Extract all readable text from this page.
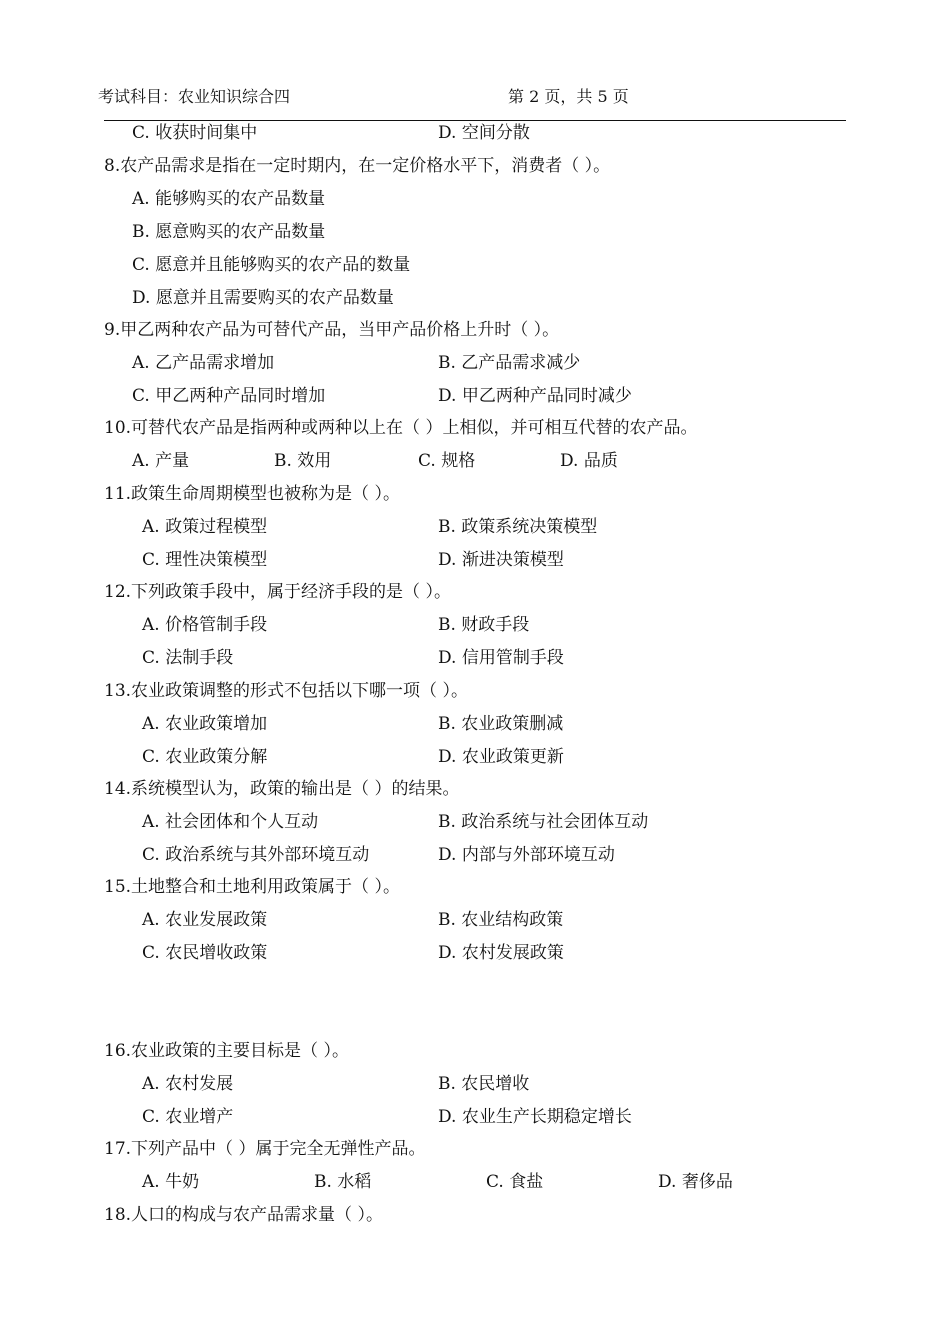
考试科目：农业知识综合四	第 2 页，共 5 页
C. 收获时间集中	D. 空间分散
8.农产品需求是指在一定时期内，在一定价格水平下，消费者（ ）。
A. 能够购买的农产品数量
B. 愿意购买的农产品数量
C. 愿意并且能够购买的农产品的数量
D. 愿意并且需要购买的农产品数量
9.甲乙两种农产品为可替代产品，当甲产品价格上升时（ ）。
A. 乙产品需求增加	B. 乙产品需求减少
C. 甲乙两种产品同时增加	D. 甲乙两种产品同时减少
10.可替代农产品是指两种或两种以上在（ ）上相似，并可相互代替的农产品。
A. 产量	B. 效用	C. 规格	D. 品质
11.政策生命周期模型也被称为是（ ）。
A. 政策过程模型	B. 政策系统决策模型
C. 理性决策模型	D. 渐进决策模型
12.下列政策手段中，属于经济手段的是（ ）。
A. 价格管制手段	B. 财政手段
C. 法制手段	D. 信用管制手段
13.农业政策调整的形式不包括以下哪一项（ ）。
A. 农业政策增加	B. 农业政策删减
C. 农业政策分解	D. 农业政策更新
14.系统模型认为，政策的输出是（ ）的结果。
A. 社会团体和个人互动	B. 政治系统与社会团体互动
C. 政治系统与其外部环境互动	D. 内部与外部环境互动
15.土地整合和土地利用政策属于（ ）。
A. 农业发展政策	B. 农业结构政策
C. 农民增收政策	D. 农村发展政策
16.农业政策的主要目标是（ ）。
A. 农村发展	B. 农民增收
C. 农业增产	D. 农业生产长期稳定增长
17.下列产品中（ ）属于完全无弹性产品。
A. 牛奶	B. 水稻	C. 食盐	D. 奢侈品
18.人口的构成与农产品需求量（ ）。
